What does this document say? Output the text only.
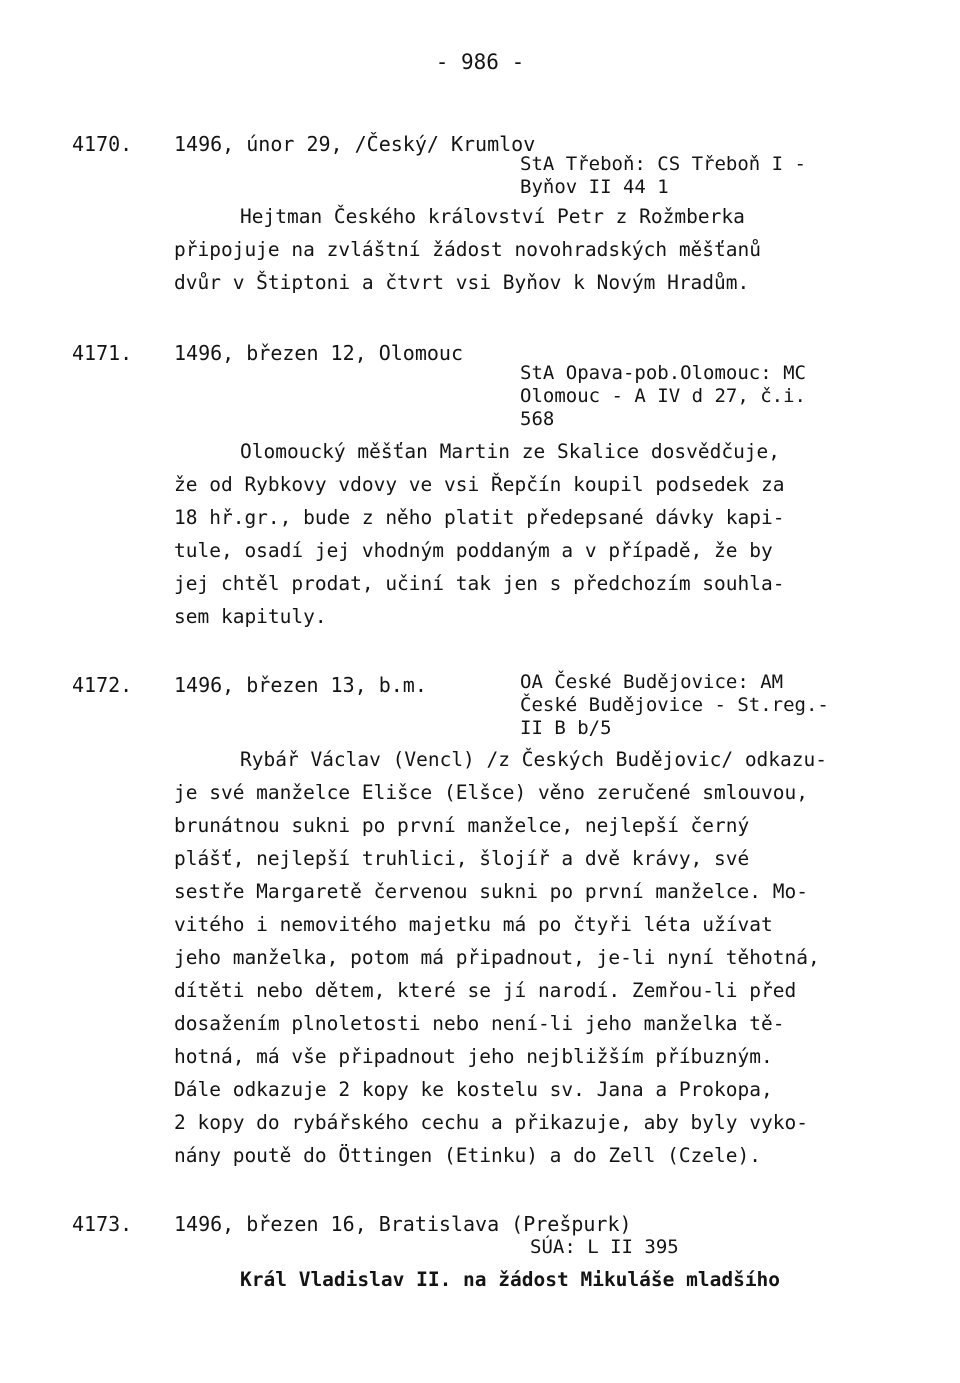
- 986 -
4170. 1496, únor 29, /Český/ Krumlov
StA Třeboň: CS Třeboň I -
Byňov II 44 1
Hejtman Českého království Petr z Rožmberka
připojuje na zvláštní žádost novohradských měšťanů
dvůr v Štiptoni a čtvrt vsi Byňov k Novým Hradům.
4171. 1496, březen 12, Olomouc
StA Opava-pob.Olomouc: MC
Olomouc - A IV d 27, č.i.
568
Olomoucký měšťan Martin ze Skalice dosvědčuje,
že od Rybkovy vdovy ve vsi Řepčín koupil podsedek za
18 hř.gr., bude z něho platit předepsané dávky kapi-
tule, osadí jej vhodným poddaným a v případě, že by
jej chtěl prodat, učiní tak jen s předchozím souhla-
sem kapituly.
4172. 1496, březen 13, b.m.	OA České Budějovice: AM
České Budějovice - St.reg.-
II B b/5
Rybář Václav (Vencl) /z Českých Budějovic/ odkazu-
je své manželce Elišce (Elšce) věno zeručené smlouvou,
brunátnou sukni po první manželce, nejlepší černý
plášť, nejlepší truhlici, šlojíř a dvě krávy, své
sestře Margaretě červenou sukni po první manželce. Mo-
vitého i nemovitého majetku má po čtyři léta užívat
jeho manželka, potom má připadnout, je-li nyní těhotná,
dítěti nebo dětem, které se jí narodí. Zemřou-li před
dosažením plnoletosti nebo není-li jeho manželka tě-
hotná, má vše připadnout jeho nejbližším příbuzným.
Dále odkazuje 2 kopy ke kostelu sv. Jana a Prokopa,
2 kopy do rybářského cechu a přikazuje, aby byly vyko-
nány poutě do Öttingen (Etinku) a do Zell (Czele).
4173. 1496, březen 16, Bratislava (Prešpurk)
SÚA: L II 395
Král Vladislav II. na žádost Mikuláše mladšího
